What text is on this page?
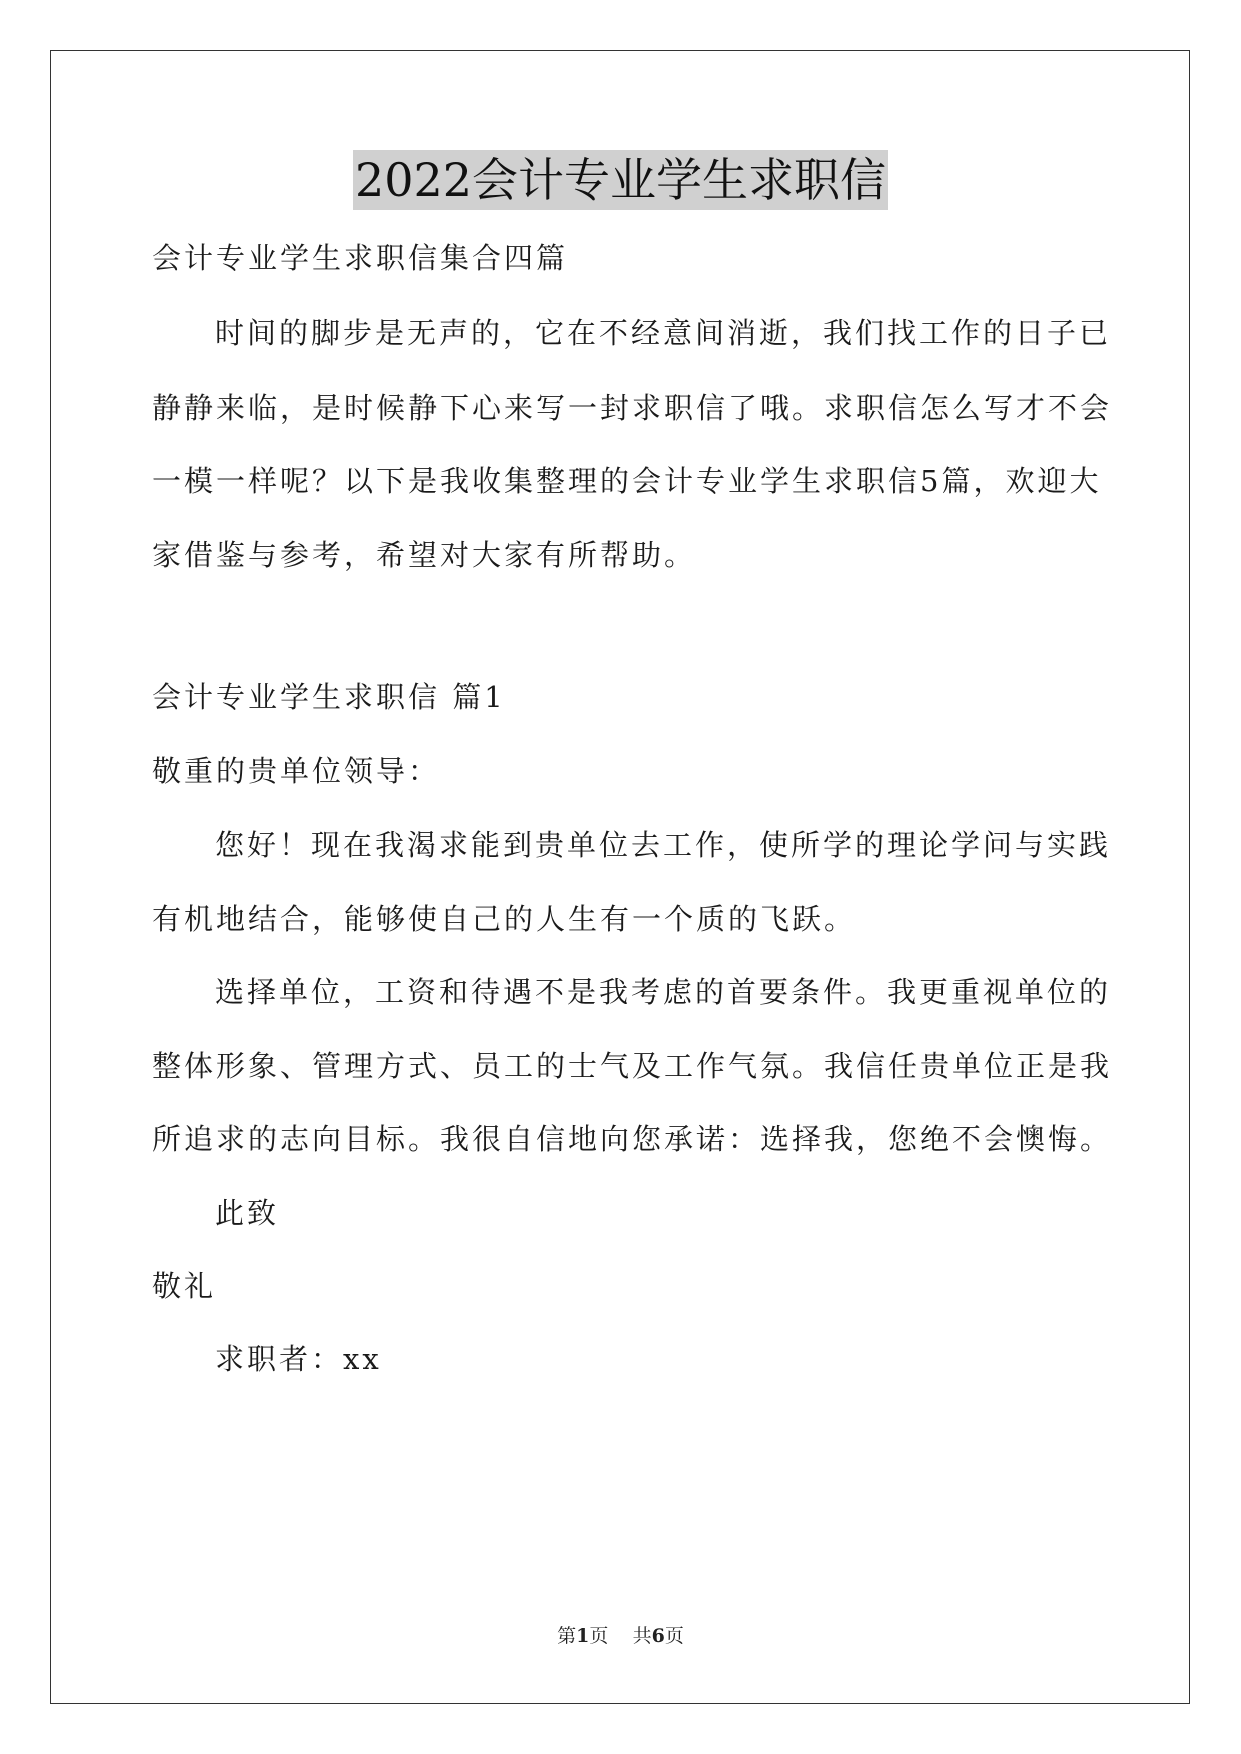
2022会计专业学生求职信
会计专业学生求职信集合四篇
时间的脚步是无声的，它在不经意间消逝，我们找工作的日子已
静静来临，是时候静下心来写一封求职信了哦。求职信怎么写才不会
一模一样呢？以下是我收集整理的会计专业学生求职信5篇，欢迎大
家借鉴与参考，希望对大家有所帮助。
会计专业学生求职信 篇1
敬重的贵单位领导：
您好！现在我渴求能到贵单位去工作，使所学的理论学问与实践
有机地结合，能够使自己的人生有一个质的飞跃。
选择单位，工资和待遇不是我考虑的首要条件。我更重视单位的
整体形象、管理方式、员工的士气及工作气氛。我信任贵单位正是我
所追求的志向目标。我很自信地向您承诺：选择我，您绝不会懊悔。
此致
敬礼
求职者：xx
第1页 共6页
